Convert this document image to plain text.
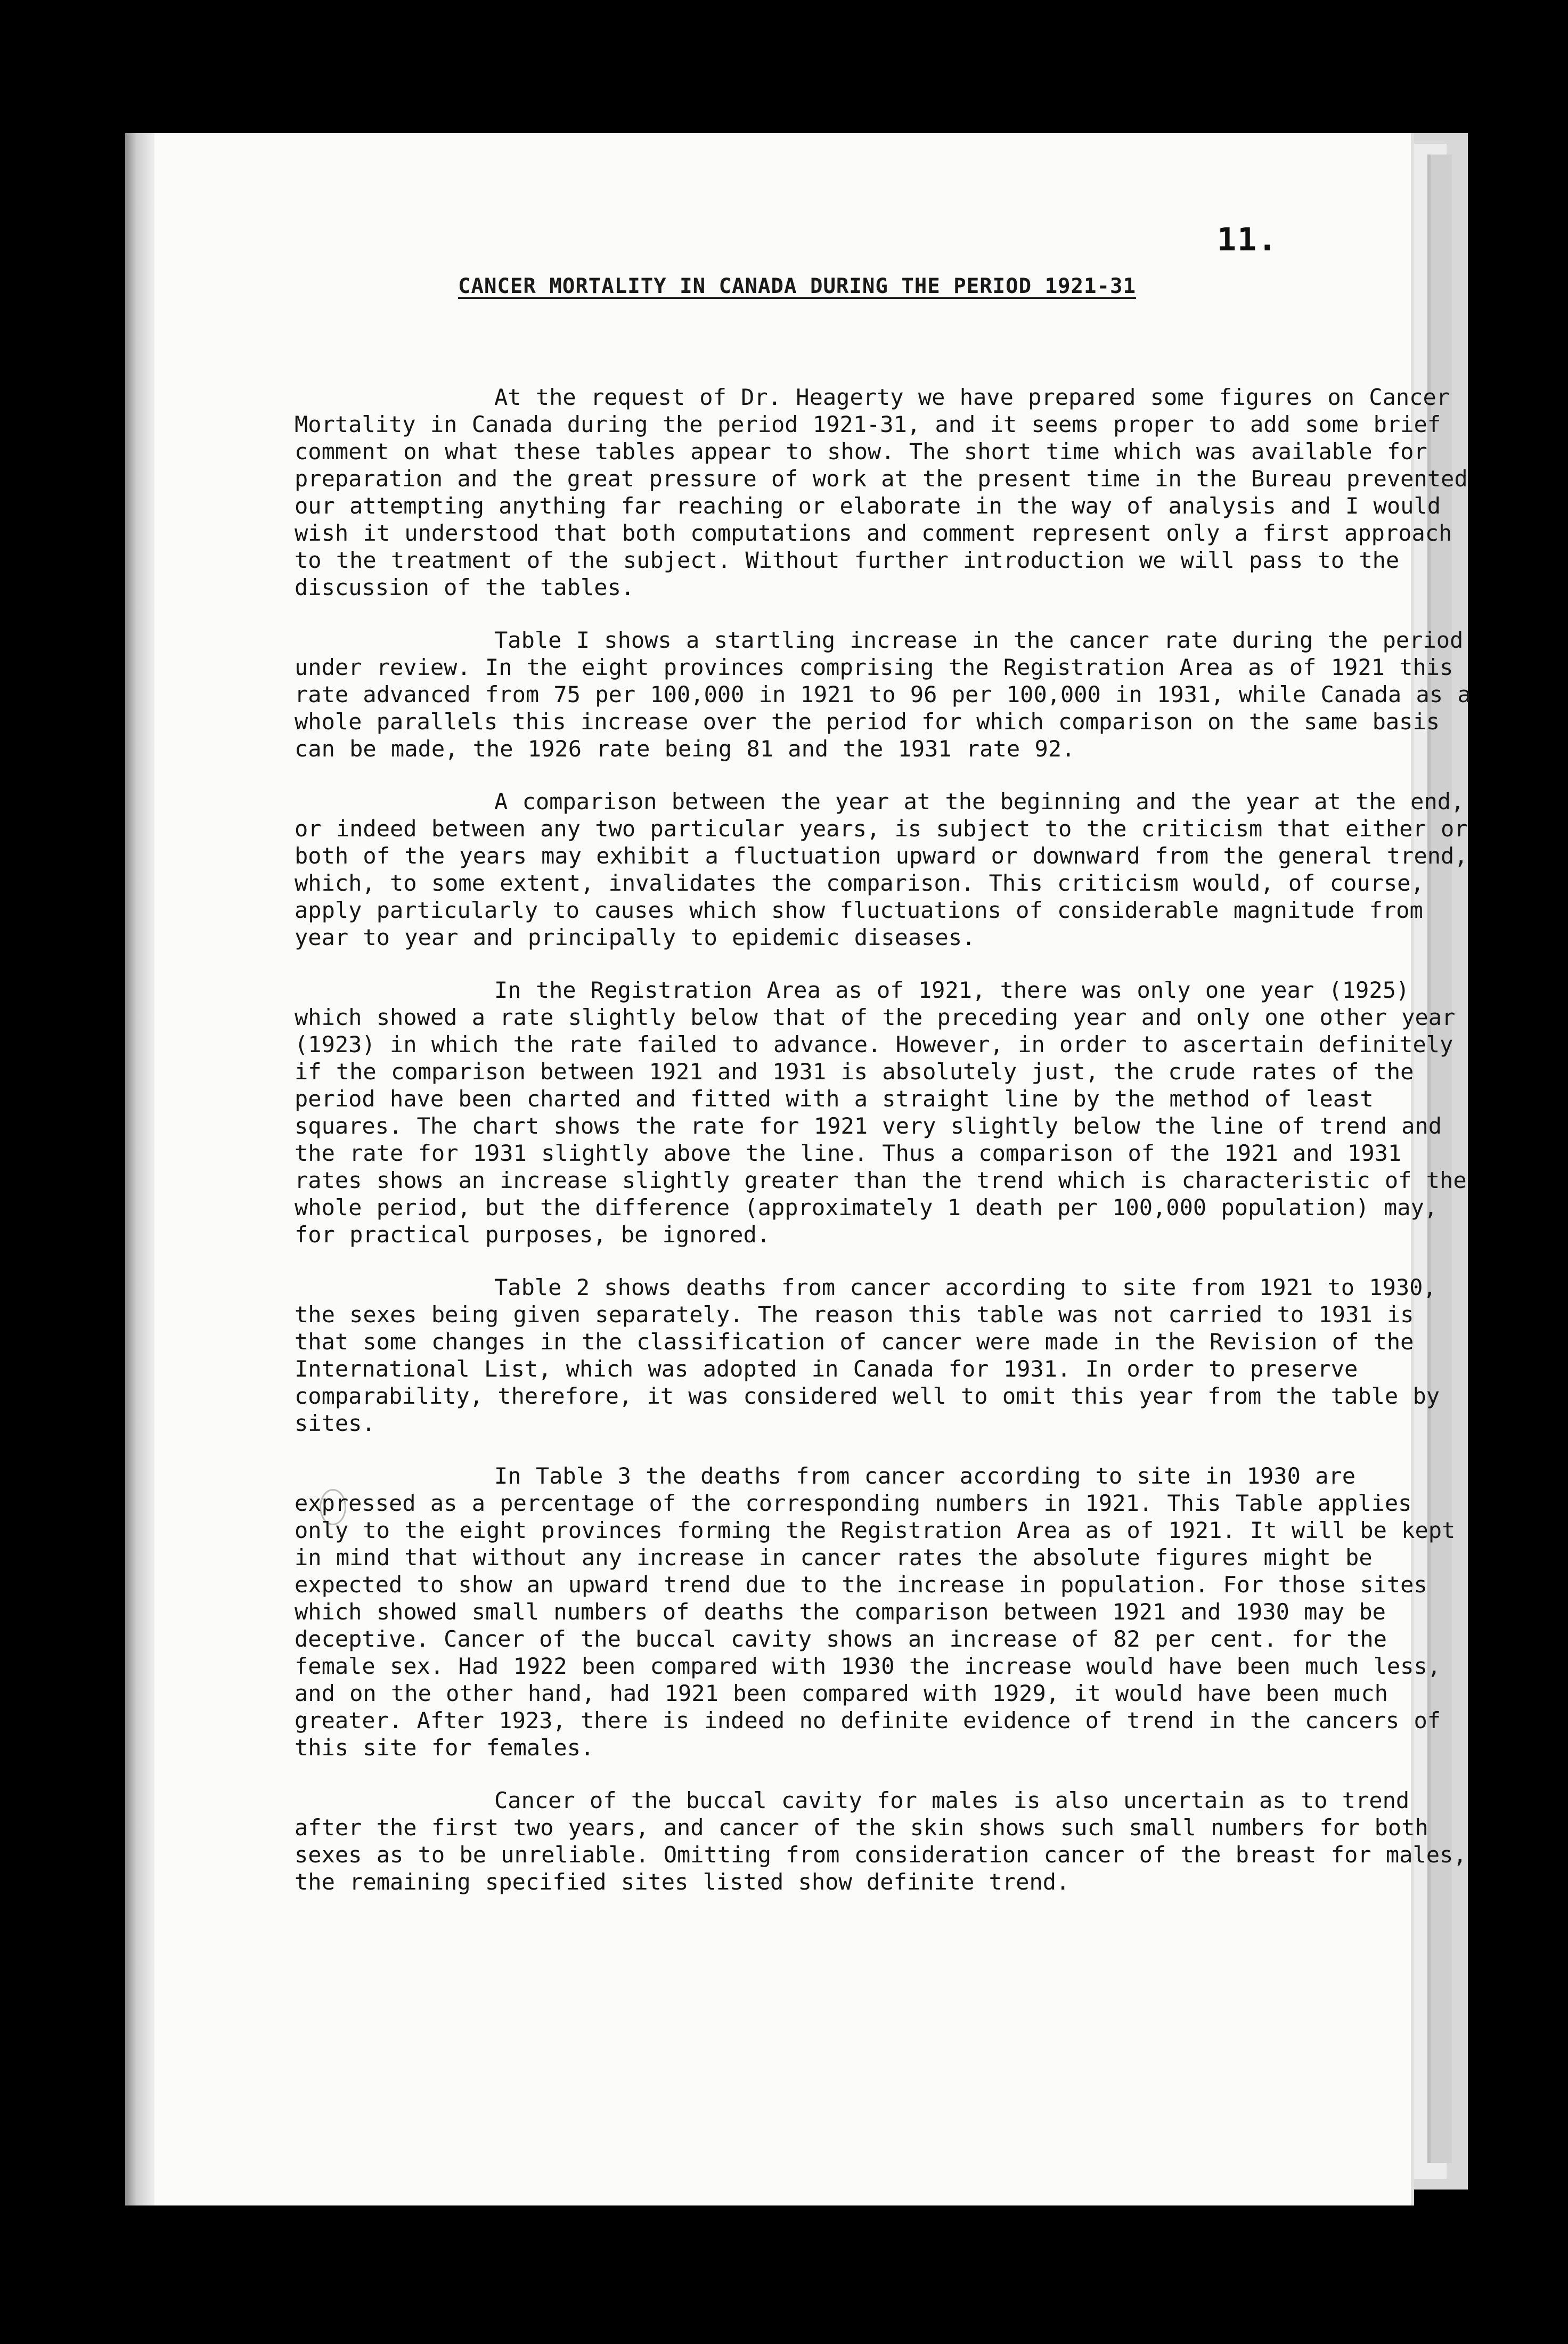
11.

CANCER MORTALITY IN CANADA DURING THE PERIOD 1921-31

At the request of Dr. Heagerty we have prepared some figures on Cancer Mortality in Canada during the period 1921-31, and it seems proper to add some brief comment on what these tables appear to show. The short time which was available for preparation and the great pressure of work at the present time in the Bureau prevented our attempting anything far reaching or elaborate in the way of analysis and I would wish it understood that both computations and comment represent only a first approach to the treatment of the subject. Without further introduction we will pass to the discussion of the tables.

Table I shows a startling increase in the cancer rate during the period under review. In the eight provinces comprising the Registration Area as of 1921 this rate advanced from 75 per 100,000 in 1921 to 96 per 100,000 in 1931, while Canada as a whole parallels this increase over the period for which comparison on the same basis can be made, the 1926 rate being 81 and the 1931 rate 92.

A comparison between the year at the beginning and the year at the end, or indeed between any two particular years, is subject to the criticism that either or both of the years may exhibit a fluctuation upward or downward from the general trend, which, to some extent, invalidates the comparison. This criticism would, of course, apply particularly to causes which show fluctuations of considerable magnitude from year to year and principally to epidemic diseases.

In the Registration Area as of 1921, there was only one year (1925) which showed a rate slightly below that of the preceding year and only one other year (1923) in which the rate failed to advance. However, in order to ascertain definitely if the comparison between 1921 and 1931 is absolutely just, the crude rates of the period have been charted and fitted with a straight line by the method of least squares. The chart shows the rate for 1921 very slightly below the line of trend and the rate for 1931 slightly above the line. Thus a comparison of the 1921 and 1931 rates shows an increase slightly greater than the trend which is characteristic of the whole period, but the difference (approximately 1 death per 100,000 population) may, for practical purposes, be ignored.

Table 2 shows deaths from cancer according to site from 1921 to 1930, the sexes being given separately. The reason this table was not carried to 1931 is that some changes in the classification of cancer were made in the Revision of the International List, which was adopted in Canada for 1931. In order to preserve comparability, therefore, it was considered well to omit this year from the table by sites.

In Table 3 the deaths from cancer according to site in 1930 are expressed as a percentage of the corresponding numbers in 1921. This Table applies only to the eight provinces forming the Registration Area as of 1921. It will be kept in mind that without any increase in cancer rates the absolute figures might be expected to show an upward trend due to the increase in population. For those sites which showed small numbers of deaths the comparison between 1921 and 1930 may be deceptive. Cancer of the buccal cavity shows an increase of 82 per cent. for the female sex. Had 1922 been compared with 1930 the increase would have been much less, and on the other hand, had 1921 been compared with 1929, it would have been much greater. After 1923, there is indeed no definite evidence of trend in the cancers of this site for females.

Cancer of the buccal cavity for males is also uncertain as to trend after the first two years, and cancer of the skin shows such small numbers for both sexes as to be unreliable. Omitting from consideration cancer of the breast for males, the remaining specified sites listed show definite trend.
